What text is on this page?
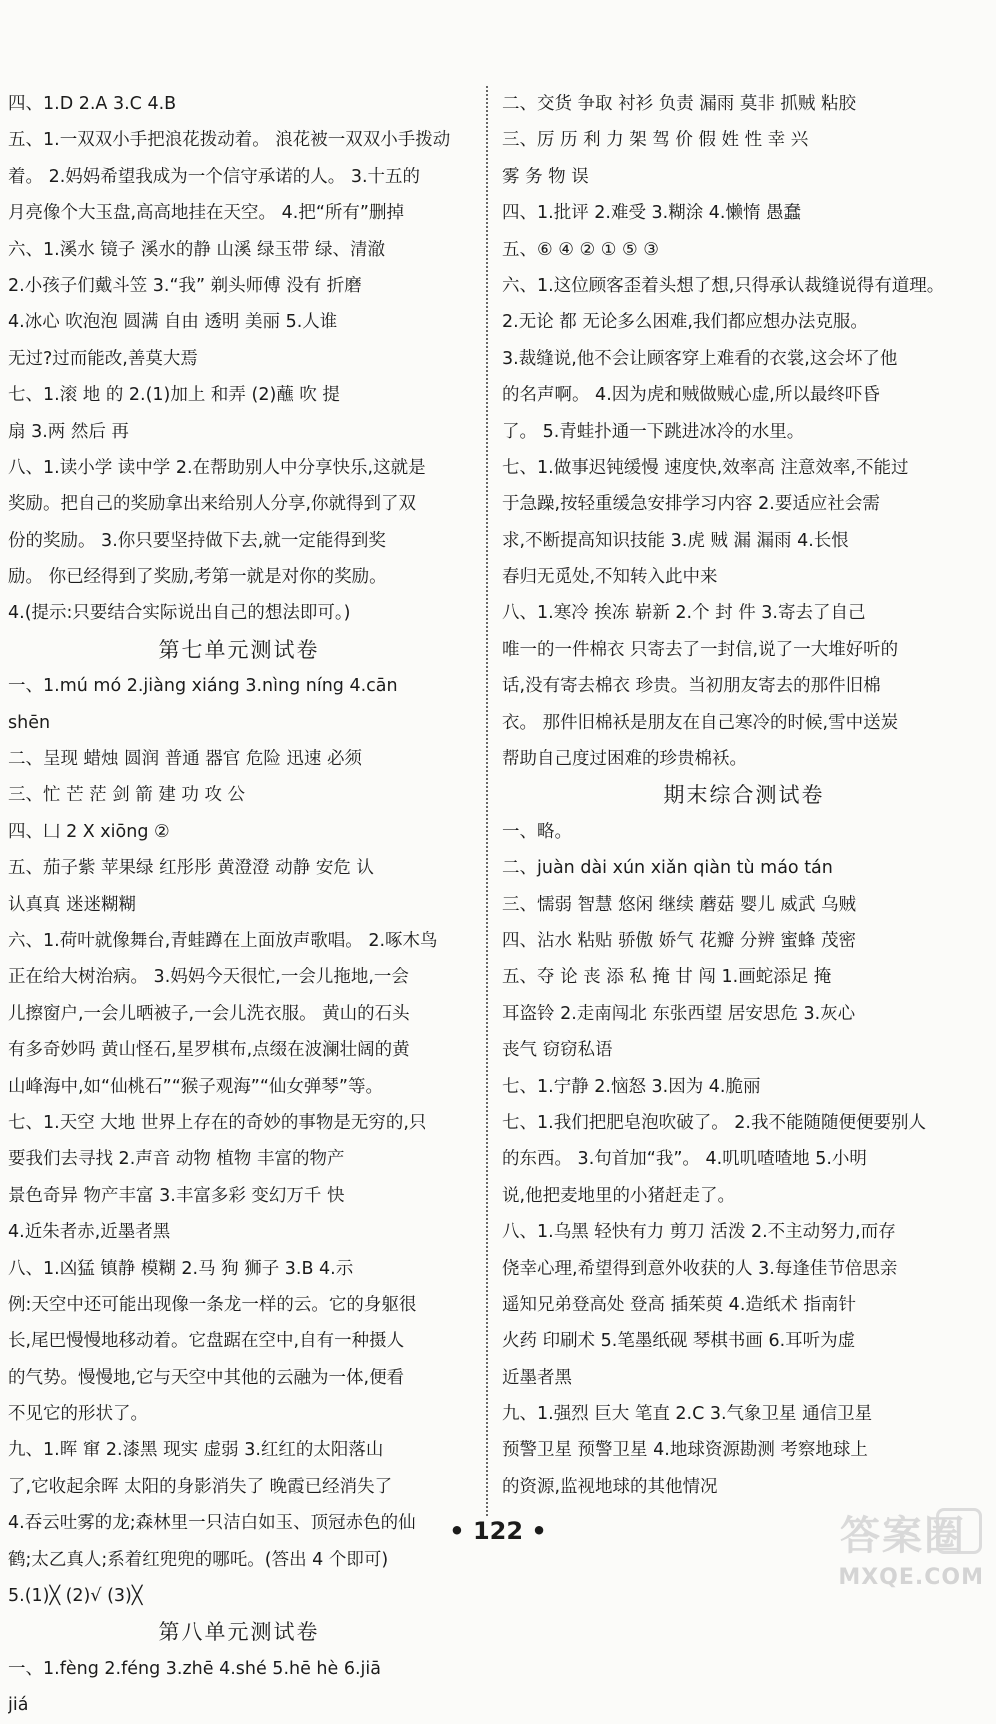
四、1.D 2.A 3.C 4.B
五、1.一双双小手把浪花拨动着。 浪花被一双双小手拨动
着。 2.妈妈希望我成为一个信守承诺的人。 3.十五的
月亮像个大玉盘,高高地挂在天空。 4.把“所有”删掉
六、1.溪水 镜子 溪水的静 山溪 绿玉带 绿、清澈
2.小孩子们戴斗笠 3.“我” 剃头师傅 没有 折磨
4.冰心 吹泡泡 圆满 自由 透明 美丽 5.人谁
无过?过而能改,善莫大焉
七、1.滚 地 的 2.(1)加上 和弄 (2)蘸 吹 提
扇 3.两 然后 再
八、1.读小学 读中学 2.在帮助别人中分享快乐,这就是
奖励。把自己的奖励拿出来给别人分享,你就得到了双
份的奖励。 3.你只要坚持做下去,就一定能得到奖
励。 你已经得到了奖励,考第一就是对你的奖励。
4.(提示:只要结合实际说出自己的想法即可。)
第七单元测试卷
一、1.mú mó 2.jiàng xiáng 3.nìng níng 4.cān
shēn
二、呈现 蜡烛 圆润 普通 器官 危险 迅速 必须
三、忙 芒 茫 剑 箭 建 功 攻 公
四、凵 2 X xiōng ②
五、茄子紫 苹果绿 红彤彤 黄澄澄 动静 安危 认
认真真 迷迷糊糊
六、1.荷叶就像舞台,青蛙蹲在上面放声歌唱。 2.啄木鸟
正在给大树治病。 3.妈妈今天很忙,一会儿拖地,一会
儿擦窗户,一会儿晒被子,一会儿洗衣服。 黄山的石头
有多奇妙吗 黄山怪石,星罗棋布,点缀在波澜壮阔的黄
山峰海中,如“仙桃石”“猴子观海”“仙女弹琴”等。
七、1.天空 大地 世界上存在的奇妙的事物是无穷的,只
要我们去寻找 2.声音 动物 植物 丰富的物产
景色奇异 物产丰富 3.丰富多彩 变幻万千 快
4.近朱者赤,近墨者黑
八、1.凶猛 镇静 模糊 2.马 狗 狮子 3.B 4.示
例:天空中还可能出现像一条龙一样的云。它的身躯很
长,尾巴慢慢地移动着。它盘踞在空中,自有一种摄人
的气势。慢慢地,它与天空中其他的云融为一体,便看
不见它的形状了。
九、1.晖 窜 2.漆黑 现实 虚弱 3.红红的太阳落山
了,它收起余晖 太阳的身影消失了 晚霞已经消失了
4.吞云吐雾的龙;森林里一只洁白如玉、顶冠赤色的仙
鹤;太乙真人;系着红兜兜的哪吒。(答出 4 个即可)
5.(1)╳ (2)√ (3)╳
第八单元测试卷
一、1.fèng 2.féng 3.zhē 4.shé 5.hē hè 6.jiā
jiá
二、交货 争取 衬衫 负责 漏雨 莫非 抓贼 粘胶
三、厉 历 利 力 架 驾 价 假 姓 性 幸 兴
雾 务 物 误
四、1.批评 2.难受 3.糊涂 4.懒惰 愚蠢
五、⑥ ④ ② ① ⑤ ③
六、1.这位顾客歪着头想了想,只得承认裁缝说得有道理。
2.无论 都 无论多么困难,我们都应想办法克服。
3.裁缝说,他不会让顾客穿上难看的衣裳,这会坏了他
的名声啊。 4.因为虎和贼做贼心虚,所以最终吓昏
了。 5.青蛙扑通一下跳进冰冷的水里。
七、1.做事迟钝缓慢 速度快,效率高 注意效率,不能过
于急躁,按轻重缓急安排学习内容 2.要适应社会需
求,不断提高知识技能 3.虎 贼 漏 漏雨 4.长恨
春归无觅处,不知转入此中来
八、1.寒冷 挨冻 崭新 2.个 封 件 3.寄去了自己
唯一的一件棉衣 只寄去了一封信,说了一大堆好听的
话,没有寄去棉衣 珍贵。当初朋友寄去的那件旧棉
衣。 那件旧棉袄是朋友在自己寒冷的时候,雪中送炭
帮助自己度过困难的珍贵棉袄。
期末综合测试卷
一、略。
二、juàn dài xún xiǎn qiàn tù máo tán
三、懦弱 智慧 悠闲 继续 蘑菇 婴儿 威武 乌贼
四、沾水 粘贴 骄傲 娇气 花瓣 分辨 蜜蜂 茂密
五、夺 论 丧 添 私 掩 甘 闯 1.画蛇添足 掩
耳盗铃 2.走南闯北 东张西望 居安思危 3.灰心
丧气 窃窃私语
七、1.宁静 2.恼怒 3.因为 4.脆丽
七、1.我们把肥皂泡吹破了。 2.我不能随随便便要别人
的东西。 3.句首加“我”。 4.叽叽喳喳地 5.小明
说,他把麦地里的小猪赶走了。
八、1.乌黑 轻快有力 剪刀 活泼 2.不主动努力,而存
侥幸心理,希望得到意外收获的人 3.每逢佳节倍思亲
遥知兄弟登高处 登高 插茱萸 4.造纸术 指南针
火药 印刷术 5.笔墨纸砚 琴棋书画 6.耳听为虚
近墨者黑
九、1.强烈 巨大 笔直 2.C 3.气象卫星 通信卫星
预警卫星 预警卫星 4.地球资源勘测 考察地球上
的资源,监视地球的其他情况
• 122 •	答案圈
MXQE.COM
